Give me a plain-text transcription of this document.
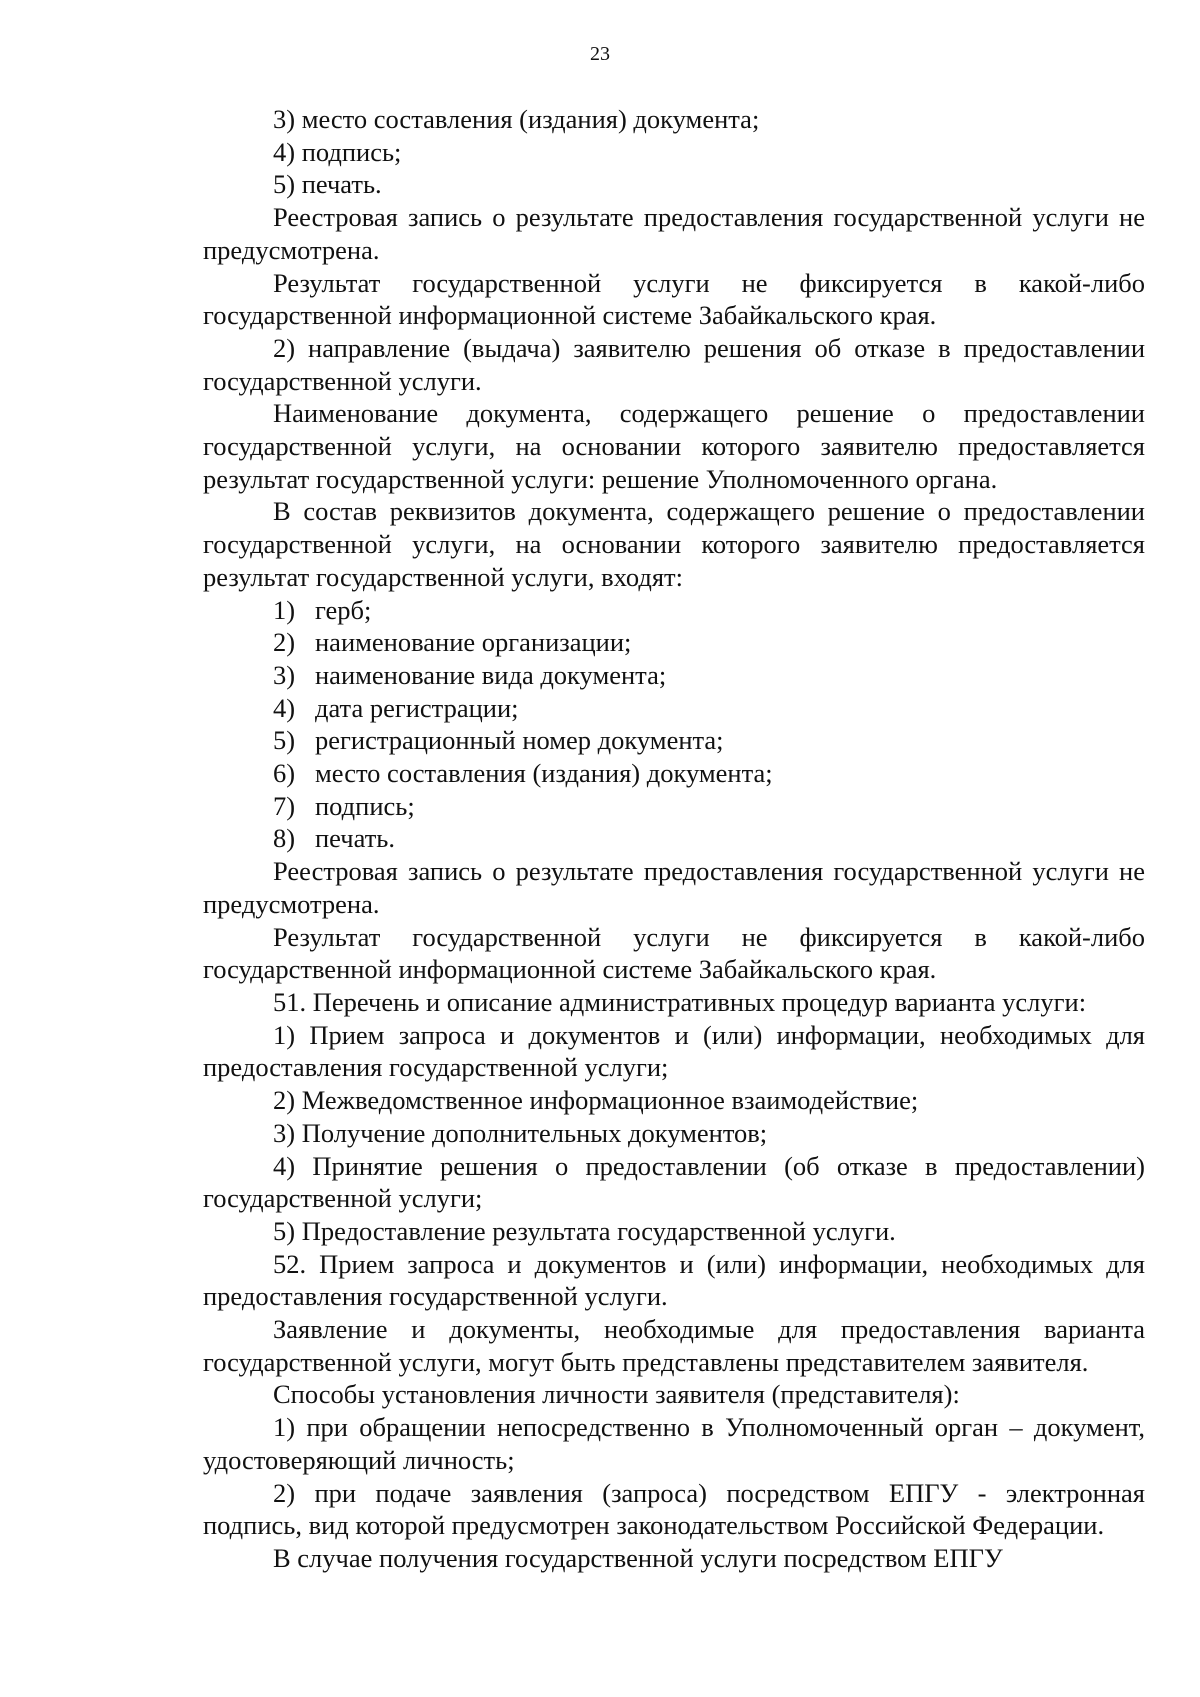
23

3) место составления (издания) документа;

4) подпись;

5) печать.

Реестровая запись о результате предоставления государственной услуги не предусмотрена.

Результат государственной услуги не фиксируется в какой-либо государственной информационной системе Забайкальского края.

2) направление (выдача) заявителю решения об отказе в предоставлении государственной услуги.

Наименование документа, содержащего решение о предоставлении государственной услуги, на основании которого заявителю предоставляется результат государственной услуги: решение Уполномоченного органа.

В состав реквизитов документа, содержащего решение о предоставлении государственной услуги, на основании которого заявителю предоставляется результат государственной услуги, входят:

1) герб;
2) наименование организации;
3) наименование вида документа;
4) дата регистрации;
5) регистрационный номер документа;
6) место составления (издания) документа;
7) подпись;
8) печать.

Реестровая запись о результате предоставления государственной услуги не предусмотрена.

Результат государственной услуги не фиксируется в какой-либо государственной информационной системе Забайкальского края.

51. Перечень и описание административных процедур варианта услуги:

1) Прием запроса и документов и (или) информации, необходимых для предоставления государственной услуги;

2) Межведомственное информационное взаимодействие;

3) Получение дополнительных документов;

4) Принятие решения о предоставлении (об отказе в предоставлении) государственной услуги;

5) Предоставление результата государственной услуги.

52. Прием запроса и документов и (или) информации, необходимых для предоставления государственной услуги.

Заявление и документы, необходимые для предоставления варианта государственной услуги, могут быть представлены представителем заявителя.

Способы установления личности заявителя (представителя):

1) при обращении непосредственно в Уполномоченный орган – документ, удостоверяющий личность;

2) при подаче заявления (запроса) посредством ЕПГУ - электронная подпись, вид которой предусмотрен законодательством Российской Федерации.

В случае получения государственной услуги посредством ЕПГУ
